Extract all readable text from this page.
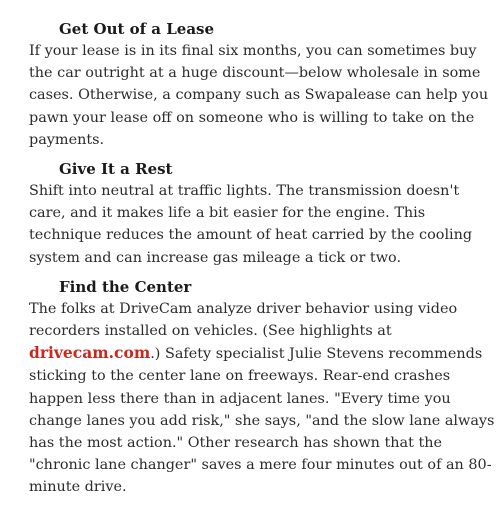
Get Out of a Lease

If your lease is in its final six months, you can sometimes buy the car outright at a huge discount—below wholesale in some cases. Otherwise, a company such as Swapalease can help you pawn your lease off on someone who is willing to take on the payments.

Give It a Rest

Shift into neutral at traffic lights. The transmission doesn't care, and it makes life a bit easier for the engine. This technique reduces the amount of heat carried by the cooling system and can increase gas mileage a tick or two.

Find the Center

The folks at DriveCam analyze driver behavior using video recorders installed on vehicles. (See highlights at drivecam.com.) Safety specialist Julie Stevens recommends sticking to the center lane on freeways. Rear-end crashes happen less there than in adjacent lanes. "Every time you change lanes you add risk," she says, "and the slow lane always has the most action." Other research has shown that the "chronic lane changer" saves a mere four minutes out of an 80-minute drive.
